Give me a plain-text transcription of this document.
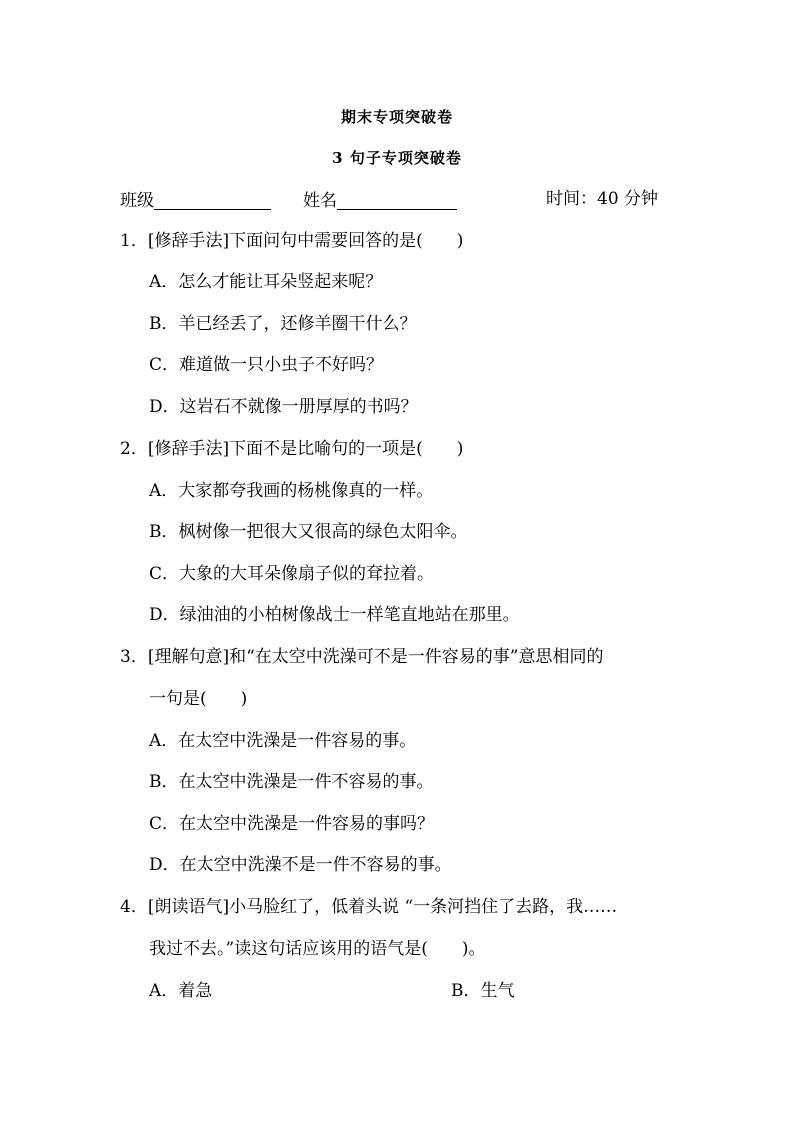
期末专项突破卷
3 句子专项突破卷
班级	姓名	时间：40 分钟
1．[修辞手法]下面问句中需要回答的是(　　)
A．怎么才能让耳朵竖起来呢？
B．羊已经丢了，还修羊圈干什么？
C．难道做一只小虫子不好吗？
D．这岩石不就像一册厚厚的书吗？
2．[修辞手法]下面不是比喻句的一项是(　　)
A．大家都夸我画的杨桃像真的一样。
B．枫树像一把很大又很高的绿色太阳伞。
C．大象的大耳朵像扇子似的耷拉着。
D．绿油油的小柏树像战士一样笔直地站在那里。
3．[理解句意]和“在太空中洗澡可不是一件容易的事”意思相同的
一句是(　　)
A．在太空中洗澡是一件容易的事。
B．在太空中洗澡是一件不容易的事。
C．在太空中洗澡是一件容易的事吗？
D．在太空中洗澡不是一件不容易的事。
4．[朗读语气]小马脸红了，低着头说 “一条河挡住了去路，我……
我过不去。”读这句话应该用的语气是(　　)。
A．着急	B．生气
